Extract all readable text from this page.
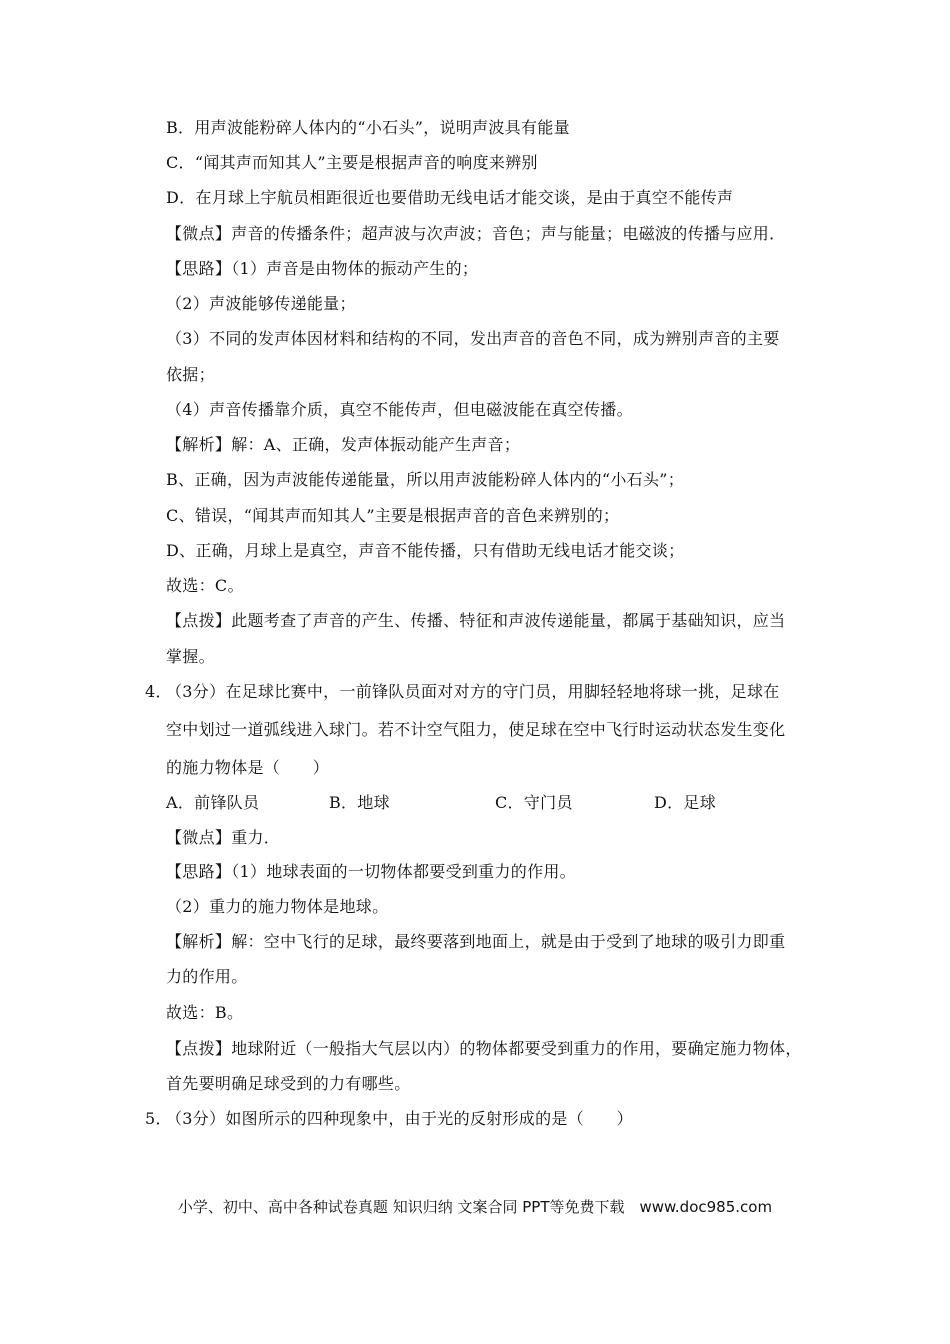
B．用声波能粉碎人体内的“小石头”，说明声波具有能量
C．“闻其声而知其人”主要是根据声音的响度来辨别
D．在月球上宇航员相距很近也要借助无线电话才能交谈，是由于真空不能传声
【微点】声音的传播条件；超声波与次声波；音色；声与能量；电磁波的传播与应用．
【思路】（1）声音是由物体的振动产生的；
（2）声波能够传递能量；
（3）不同的发声体因材料和结构的不同，发出声音的音色不同，成为辨别声音的主要
依据；
（4）声音传播靠介质，真空不能传声，但电磁波能在真空传播。
【解析】解：A、正确，发声体振动能产生声音；
B、正确，因为声波能传递能量，所以用声波能粉碎人体内的“小石头”；
C、错误，“闻其声而知其人”主要是根据声音的音色来辨别的；
D、正确，月球上是真空，声音不能传播，只有借助无线电话才能交谈；
故选：C。
【点拨】此题考查了声音的产生、传播、特征和声波传递能量，都属于基础知识，应当
掌握。
4．
（3分）在足球比赛中，一前锋队员面对对方的守门员，用脚轻轻地将球一挑，足球在
空中划过一道弧线进入球门。若不计空气阻力，使足球在空中飞行时运动状态发生变化
的施力物体是（　　）
A．前锋队员	B．地球	C．守门员	D．足球
【微点】重力．
【思路】（1）地球表面的一切物体都要受到重力的作用。
（2）重力的施力物体是地球。
【解析】解：空中飞行的足球，最终要落到地面上，就是由于受到了地球的吸引力即重
力的作用。
故选：B。
【点拨】地球附近（一般指大气层以内）的物体都要受到重力的作用，要确定施力物体，
首先要明确足球受到的力有哪些。
5．
（3分）如图所示的四种现象中，由于光的反射形成的是（　　）
小学、初中、高中各种试卷真题 知识归纳 文案合同 PPT等免费下载　www.doc985.com
